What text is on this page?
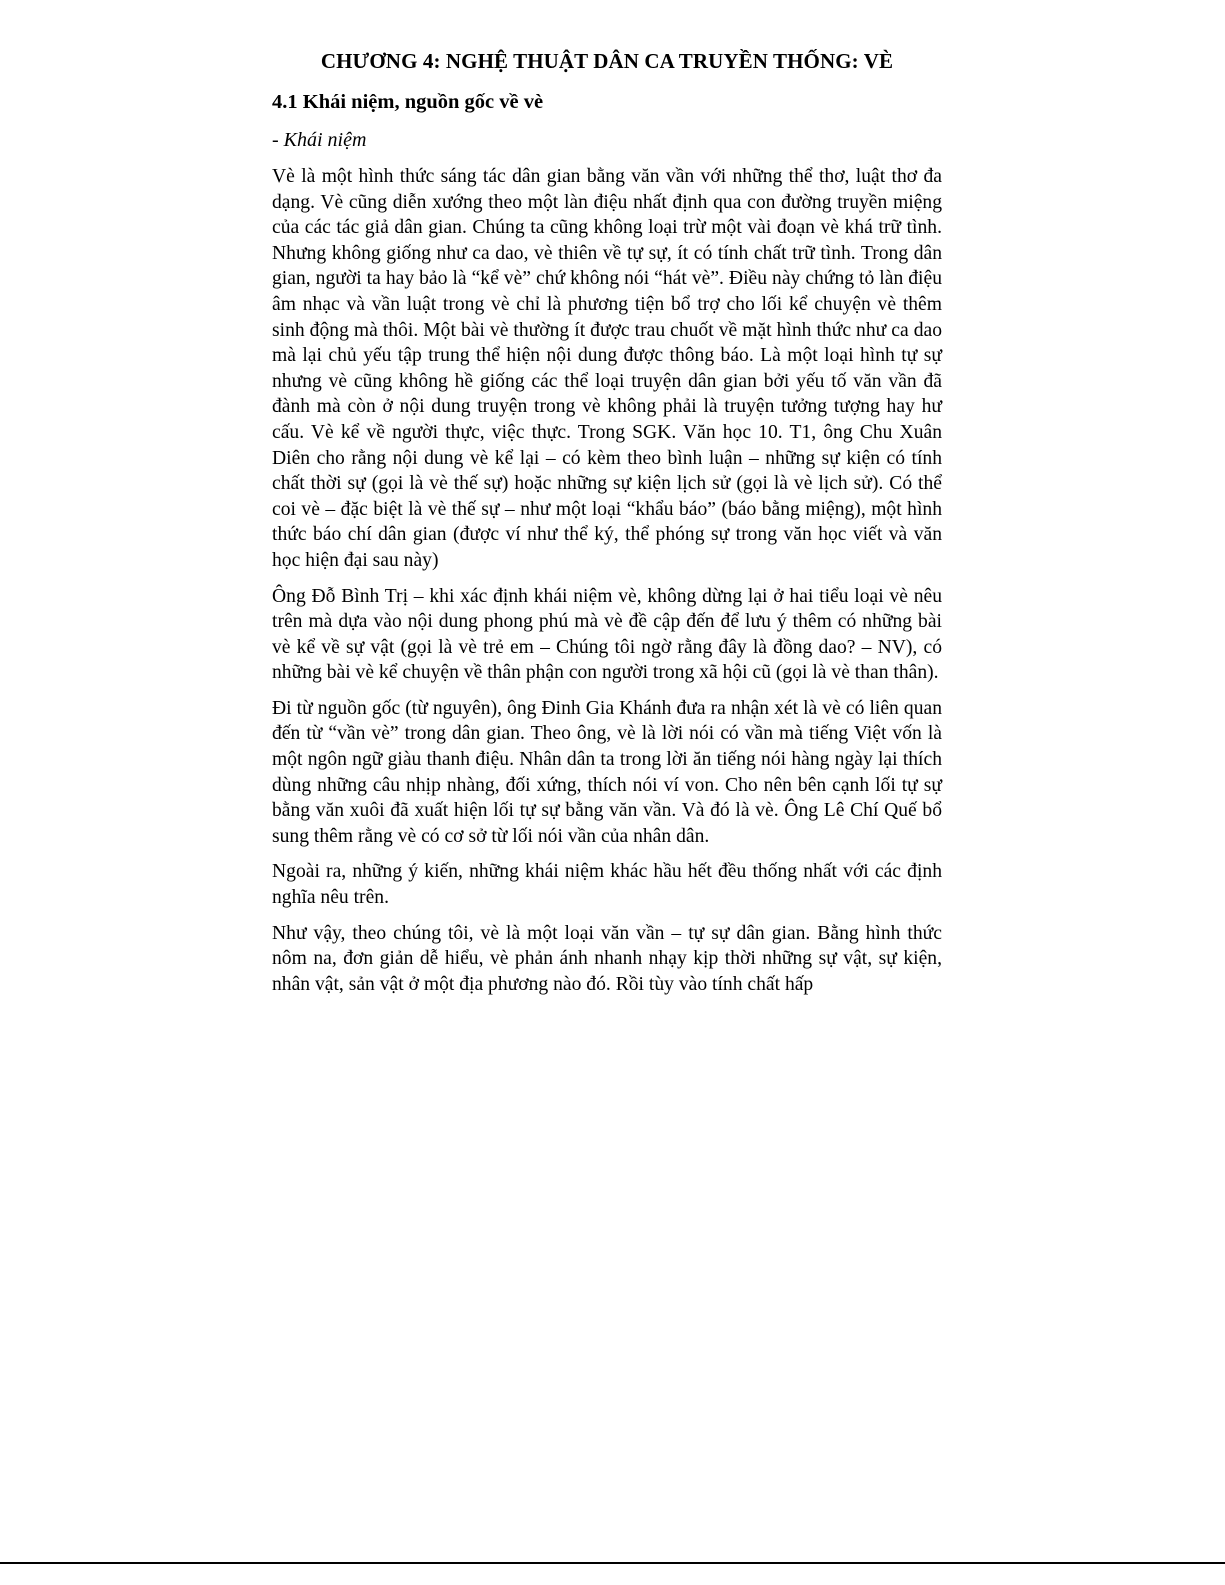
CHƯƠNG 4: NGHỆ THUẬT DÂN CA TRUYỀN THỐNG: VÈ
4.1 Khái niệm, nguồn gốc về vè
- Khái niệm

Vè là một hình thức sáng tác dân gian bằng văn vần với những thể thơ, luật thơ đa dạng. Vè cũng diễn xướng theo một làn điệu nhất định qua con đường truyền miệng của các tác giả dân gian. Chúng ta cũng không loại trừ một vài đoạn vè khá trữ tình. Nhưng không giống như ca dao, vè thiên về tự sự, ít có tính chất trữ tình. Trong dân gian, người ta hay bảo là “kể vè” chứ không nói “hát vè”. Điều này chứng tỏ làn điệu âm nhạc và vần luật trong vè chỉ là phương tiện bổ trợ cho lối kể chuyện vè thêm sinh động mà thôi. Một bài vè thường ít được trau chuốt về mặt hình thức như ca dao mà lại chủ yếu tập trung thể hiện nội dung được thông báo. Là một loại hình tự sự nhưng vè cũng không hề giống các thể loại truyện dân gian bởi yếu tố văn vần đã đành mà còn ở nội dung truyện trong vè không phải là truyện tưởng tượng hay hư cấu. Vè kể về người thực, việc thực. Trong SGK. Văn học 10. T1, ông Chu Xuân Diên cho rằng nội dung vè kể lại – có kèm theo bình luận – những sự kiện có tính chất thời sự (gọi là vè thế sự) hoặc những sự kiện lịch sử (gọi là vè lịch sử). Có thể coi vè – đặc biệt là vè thế sự – như một loại “khẩu báo” (báo bằng miệng), một hình thức báo chí dân gian (được ví như thể ký, thể phóng sự trong văn học viết và văn học hiện đại sau này)

Ông Đỗ Bình Trị – khi xác định khái niệm vè, không dừng lại ở hai tiểu loại vè nêu trên mà dựa vào nội dung phong phú mà vè đề cập đến để lưu ý thêm có những bài vè kể về sự vật (gọi là vè trẻ em – Chúng tôi ngờ rằng đây là đồng dao? – NV), có những bài vè kể chuyện về thân phận con người trong xã hội cũ (gọi là vè than thân).

Đi từ nguồn gốc (từ nguyên), ông Đinh Gia Khánh đưa ra nhận xét là vè có liên quan đến từ “vần vè” trong dân gian. Theo ông, vè là lời nói có vần mà tiếng Việt vốn là một ngôn ngữ giàu thanh điệu. Nhân dân ta trong lời ăn tiếng nói hàng ngày lại thích dùng những câu nhịp nhàng, đối xứng, thích nói ví von. Cho nên bên cạnh lối tự sự bằng văn xuôi đã xuất hiện lối tự sự bằng văn vần. Và đó là vè. Ông Lê Chí Quế bổ sung thêm rằng vè có cơ sở từ lối nói vần của nhân dân.

Ngoài ra, những ý kiến, những khái niệm khác hầu hết đều thống nhất với các định nghĩa nêu trên.

Như vậy, theo chúng tôi, vè là một loại văn vần – tự sự dân gian. Bằng hình thức nôm na, đơn giản dễ hiểu, vè phản ánh nhanh nhạy kịp thời những sự vật, sự kiện, nhân vật, sản vật ở một địa phương nào đó. Rồi tùy vào tính chất hấp
